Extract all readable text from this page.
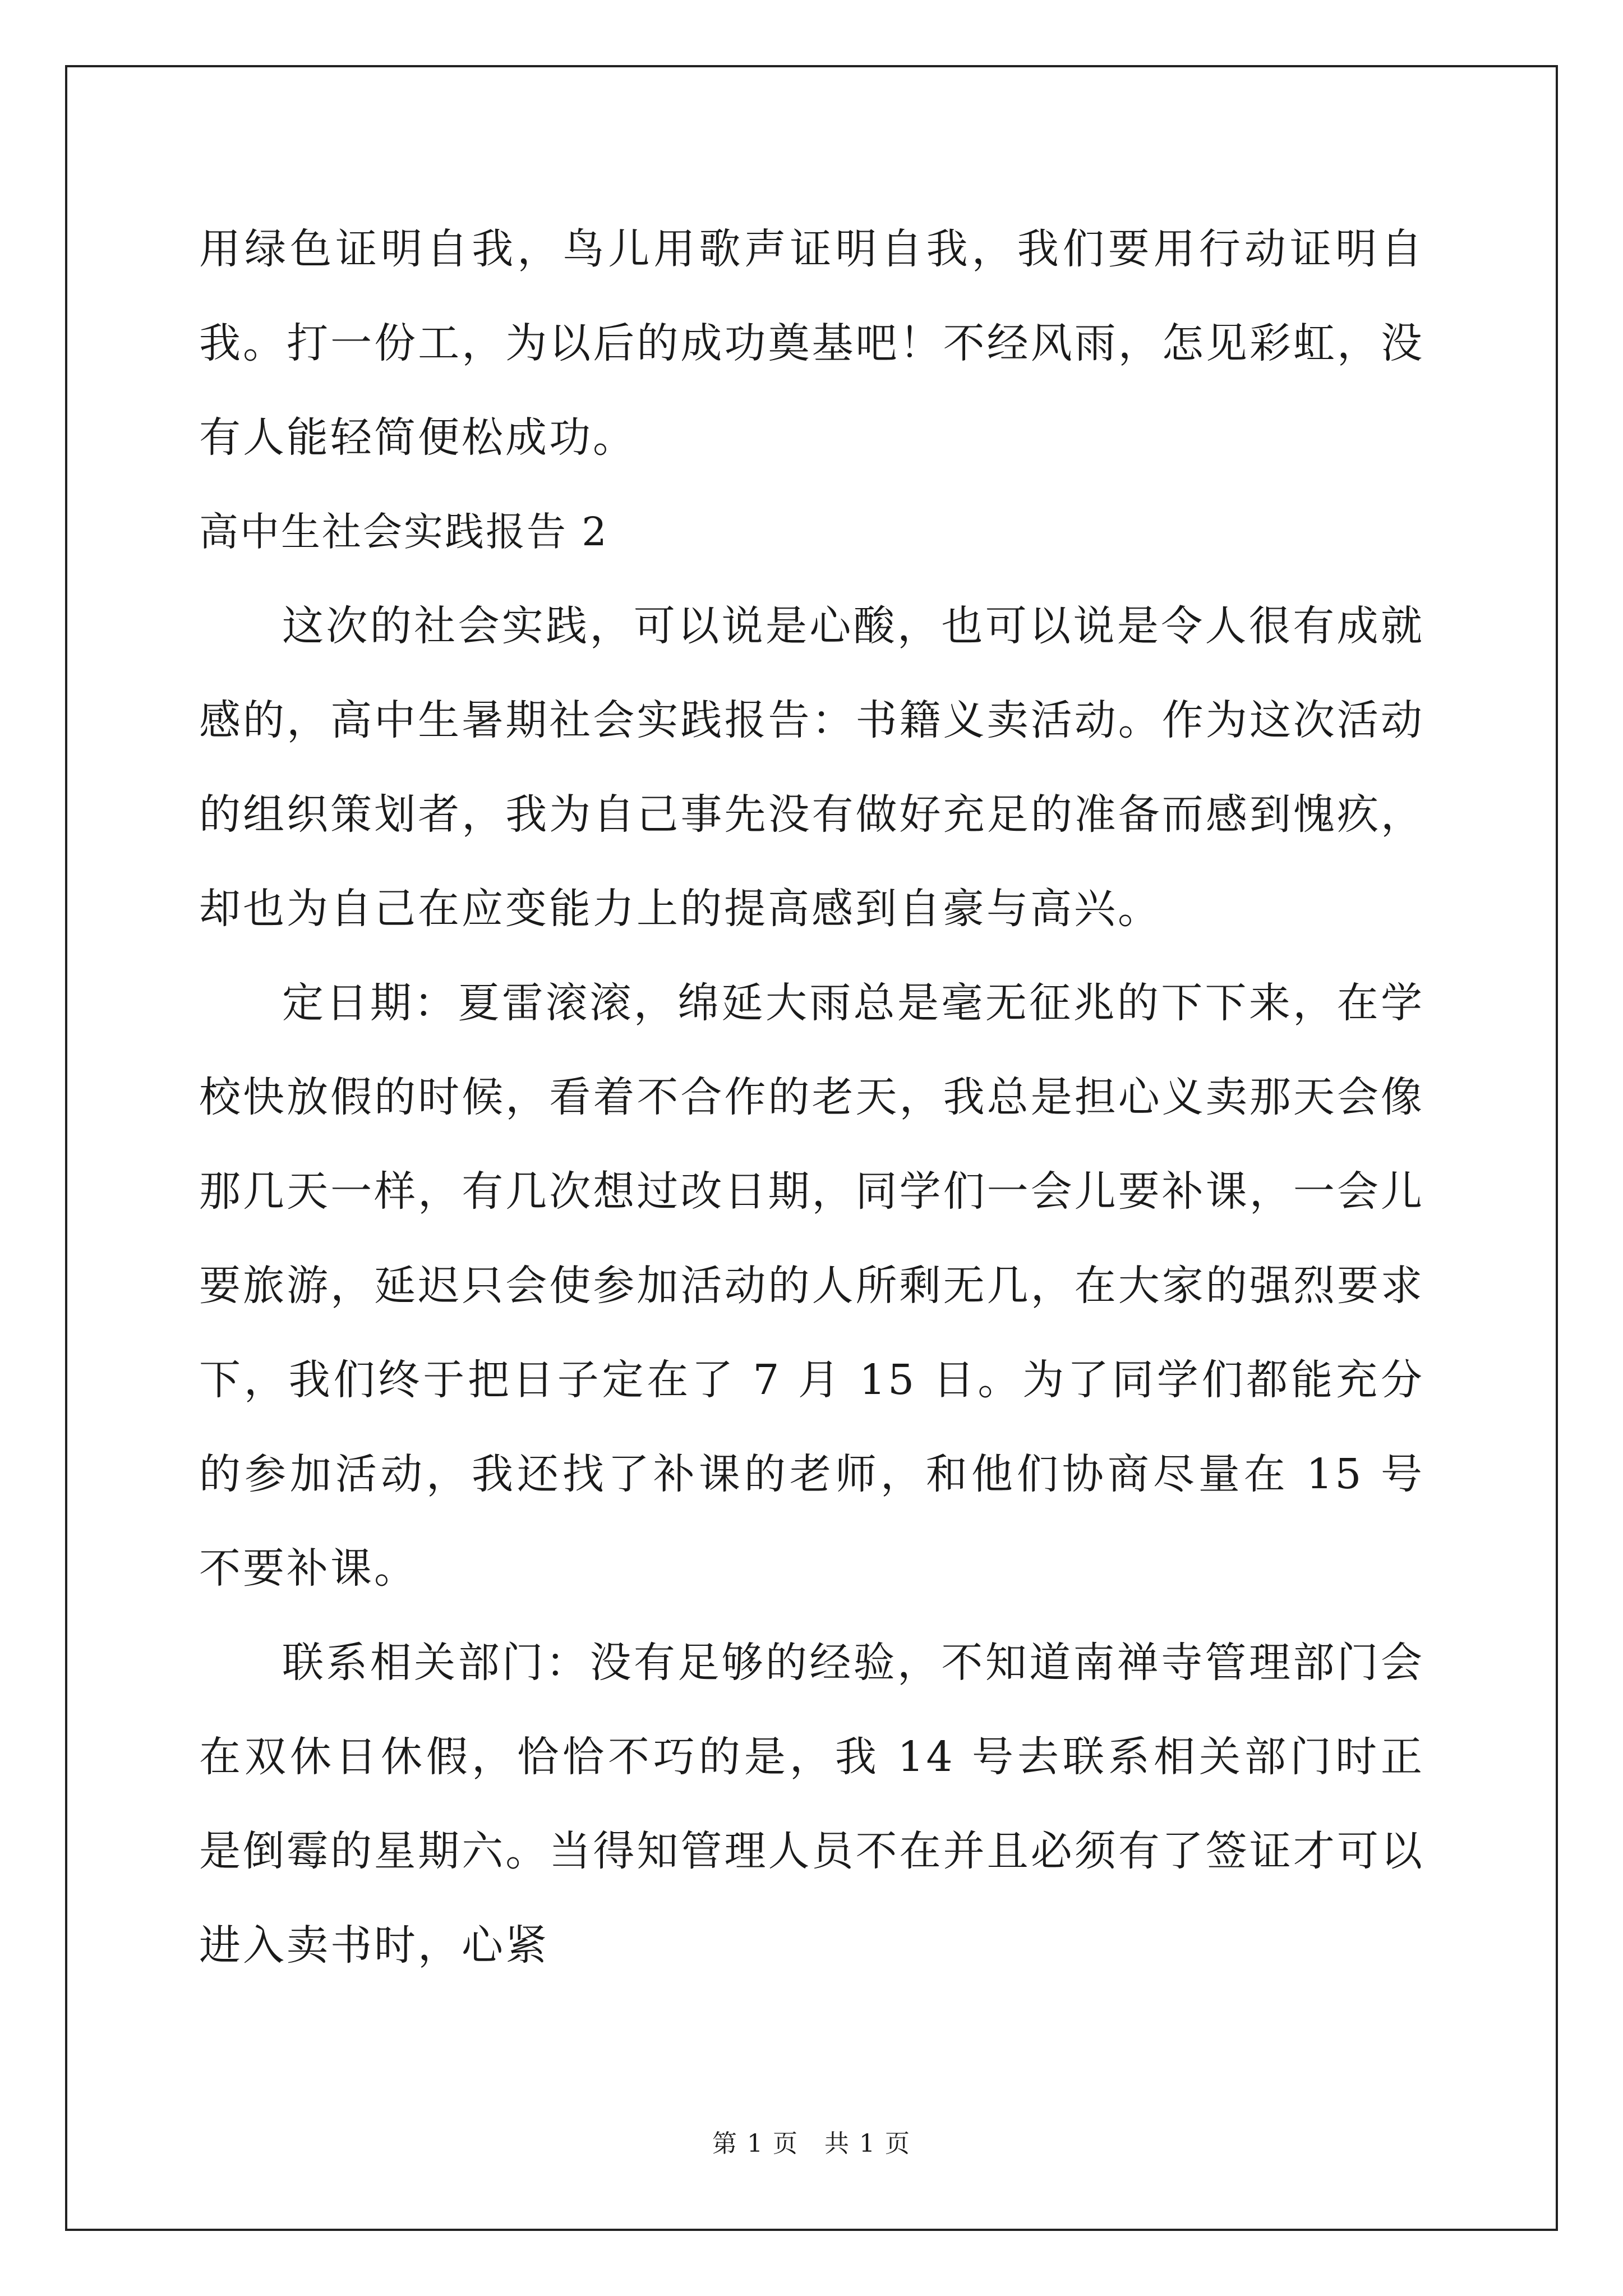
用绿色证明自我，鸟儿用歌声证明自我，我们要用行动证明自我。打一份工，为以后的成功奠基吧！不经风雨，怎见彩虹，没有人能轻简便松成功。

高中生社会实践报告 2

这次的社会实践，可以说是心酸，也可以说是令人很有成就感的，高中生暑期社会实践报告：书籍义卖活动。作为这次活动的组织策划者，我为自己事先没有做好充足的准备而感到愧疚，却也为自己在应变能力上的提高感到自豪与高兴。

定日期：夏雷滚滚，绵延大雨总是毫无征兆的下下来，在学校快放假的时候，看着不合作的老天，我总是担心义卖那天会像那几天一样，有几次想过改日期，同学们一会儿要补课，一会儿要旅游，延迟只会使参加活动的人所剩无几，在大家的强烈要求下，我们终于把日子定在了 7 月 15 日。为了同学们都能充分的参加活动，我还找了补课的老师，和他们协商尽量在 15 号不要补课。

联系相关部门：没有足够的经验，不知道南禅寺管理部门会在双休日休假，恰恰不巧的是，我 14 号去联系相关部门时正是倒霉的星期六。当得知管理人员不在并且必须有了签证才可以进入卖书时，心紧

第 1 页　共 1 页
